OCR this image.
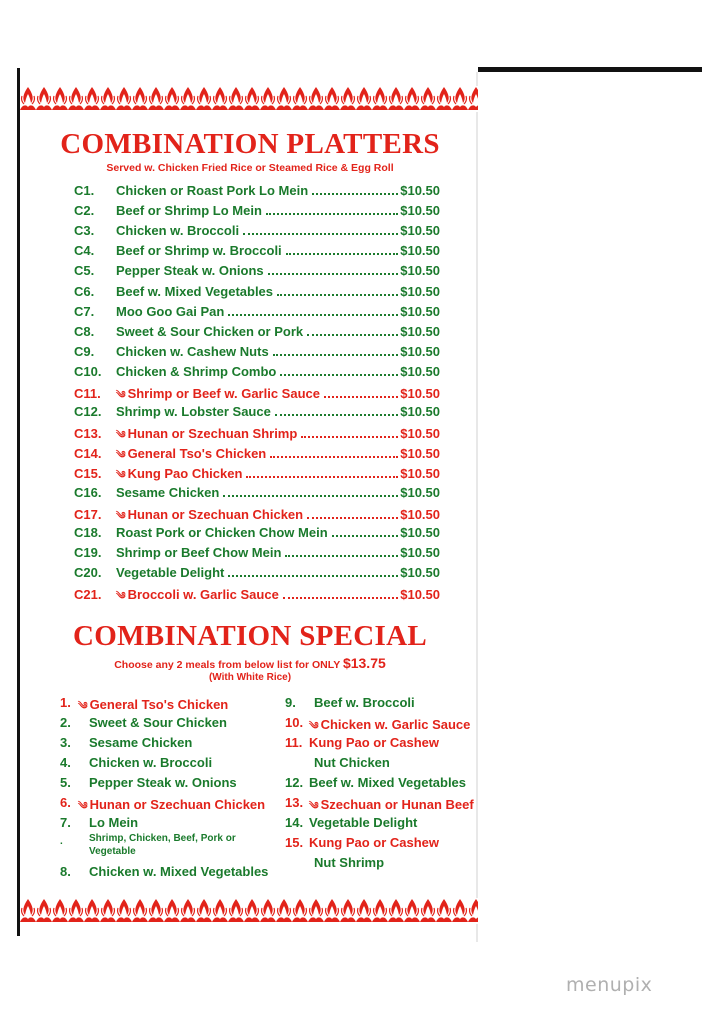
COMBINATION PLATTERS
Served w. Chicken Fried Rice or Steamed Rice & Egg Roll
C1.	Chicken or Roast Pork Lo Mein	$10.50
C2.	Beef or Shrimp Lo Mein	$10.50
C3.	Chicken w. Broccoli	$10.50
C4.	Beef or Shrimp w. Broccoli	$10.50
C5.	Pepper Steak w. Onions	$10.50
C6.	Beef w. Mixed Vegetables	$10.50
C7.	Moo Goo Gai Pan	$10.50
C8.	Sweet & Sour Chicken or Pork	$10.50
C9.	Chicken w. Cashew Nuts	$10.50
C10.	Chicken & Shrimp Combo	$10.50
C11.	༄ Shrimp or Beef w. Garlic Sauce	$10.50
C12.	Shrimp w. Lobster Sauce	$10.50
C13.	༄ Hunan or Szechuan Shrimp	$10.50
C14.	༄ General Tso's Chicken	$10.50
C15.	༄ Kung Pao Chicken	$10.50
C16.	Sesame Chicken	$10.50
C17.	༄ Hunan or Szechuan Chicken	$10.50
C18.	Roast Pork or Chicken Chow Mein	$10.50
C19.	Shrimp or Beef Chow Mein	$10.50
C20.	Vegetable Delight	$10.50
C21.	༄ Broccoli w. Garlic Sauce	$10.50
COMBINATION SPECIAL
Choose any 2 meals from below list for ONLY $13.75
(With White Rice)
1. ༄ General Tso's Chicken
2. Sweet & Sour Chicken
3. Sesame Chicken
4. Chicken w. Broccoli
5. Pepper Steak w. Onions
6. ༄ Hunan or Szechuan Chicken
7. Lo Mein
8. Chicken w. Mixed Vegetables
9. Beef w. Broccoli
10. ༄ Chicken w. Garlic Sauce
11. Kung Pao or Cashew
Nut Chicken
12. Beef w. Mixed Vegetables
13. ༄ Szechuan or Hunan Beef
14. Vegetable Delight
15. Kung Pao or Cashew
Nut Shrimp
.	Shrimp, Chicken, Beef, Pork or Vegetable
menupix
